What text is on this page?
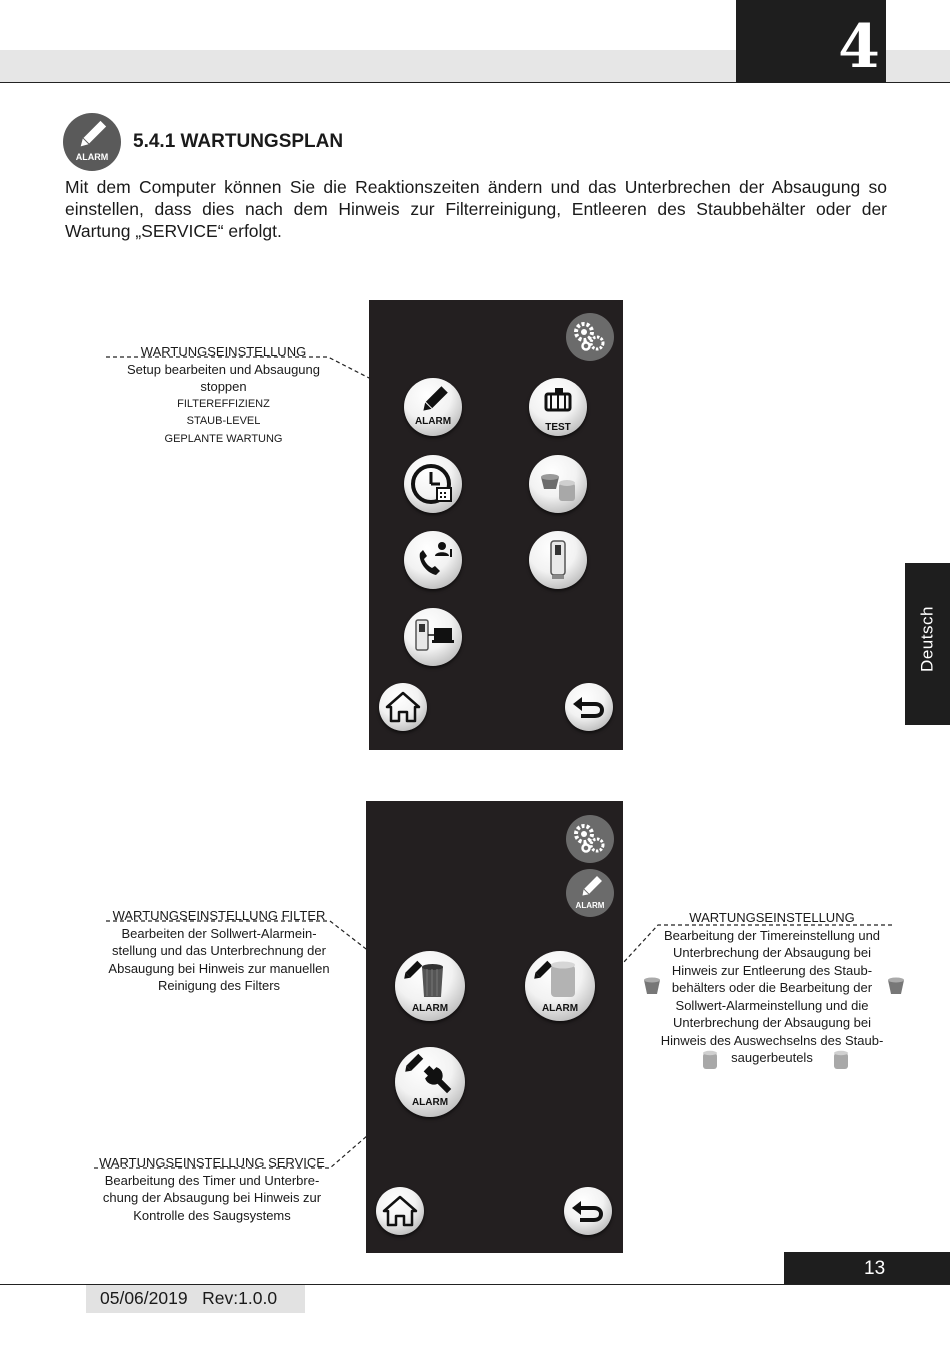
4
ALARM
5.4.1 WARTUNGSPLAN
Mit dem Computer können Sie die Reaktionszeiten ändern und das Unterbrechen der Absaugung so einstellen, dass dies nach dem Hinweis zur Filterreinigung, Entleeren des Staubbehälter oder der Wartung „SERVICE“ erfolgt.
ALARM
TEST
WARTUNGSEINSTELLUNG
Setup bearbeiten und Absaugung
stoppen
FILTEREFFIZIENZ
STAUB-LEVEL
GEPLANTE WARTUNG
ALARM
ALARM	ALARM
ALARM
WARTUNGSEINSTELLUNG FILTER
Bearbeiten der Sollwert-Alarmein-
stellung und das Unterbrechnung der
Absaugung bei Hinweis zur manuellen
Reinigung des Filters
WARTUNGSEINSTELLUNG
Bearbeitung der Timereinstellung und
Unterbrechung der Absaugung bei
Hinweis zur Entleerung des Staub-
behälters oder die Bearbeitung der
Sollwert-Alarmeinstellung und die
Unterbrechung der Absaugung bei
Hinweis des Auswechselns des Staub-
saugerbeutels
WARTUNGSEINSTELLUNG SERVICE
Bearbeitung des Timer und Unterbre-
chung der Absaugung bei Hinweis zur
Kontrolle des Saugsystems
Deutsch
13
05/06/2019   Rev:1.0.0
